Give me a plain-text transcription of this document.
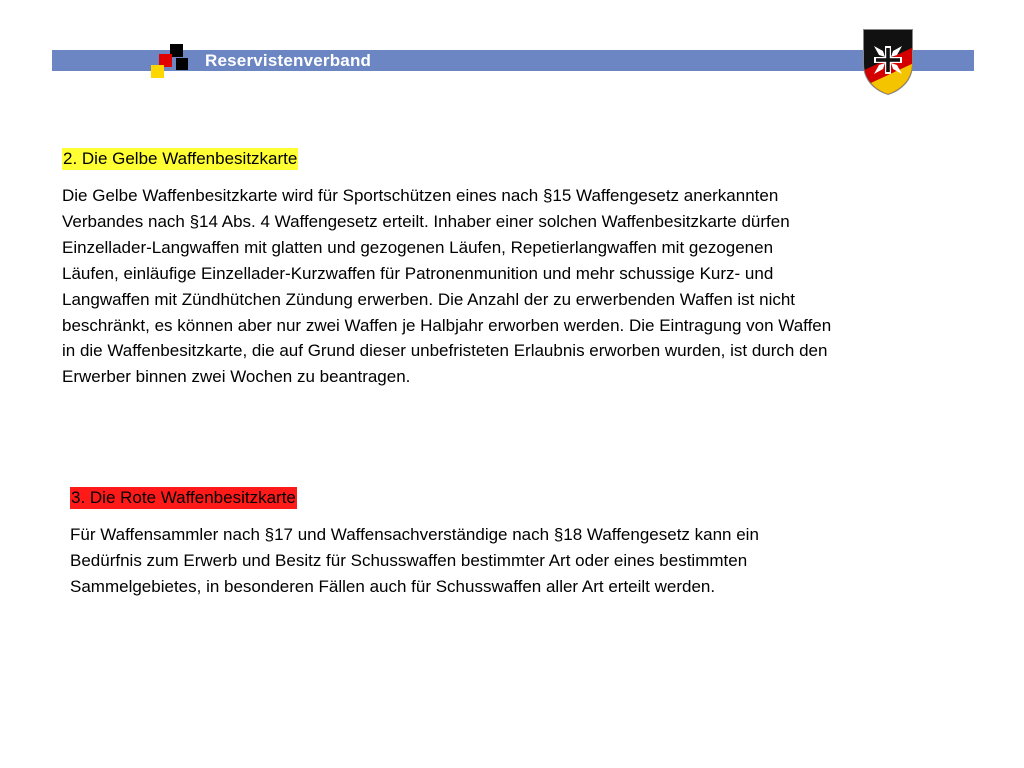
Reservistenverband
2. Die Gelbe Waffenbesitzkarte

Die Gelbe Waffenbesitzkarte wird für Sportschützen eines nach §15 Waffengesetz anerkannten
Verbandes nach §14 Abs. 4 Waffengesetz erteilt. Inhaber einer solchen Waffenbesitzkarte dürfen
Einzellader-Langwaffen mit glatten und gezogenen Läufen, Repetierlangwaffen mit gezogenen
Läufen, einläufige Einzellader-Kurzwaffen für Patronenmunition und mehr schussige Kurz- und
Langwaffen mit Zündhütchen Zündung erwerben. Die Anzahl der zu erwerbenden Waffen ist nicht
beschränkt, es können aber nur zwei Waffen je Halbjahr erworben werden. Die Eintragung von Waffen
in die Waffenbesitzkarte, die auf Grund dieser unbefristeten Erlaubnis erworben wurden, ist durch den
Erwerber binnen zwei Wochen zu beantragen.

3. Die Rote Waffenbesitzkarte

Für Waffensammler nach §17 und Waffensachverständige nach §18 Waffengesetz kann ein
Bedürfnis zum Erwerb und Besitz für Schusswaffen bestimmter Art oder eines bestimmten
Sammelgebietes, in besonderen Fällen auch für Schusswaffen aller Art erteilt werden.
